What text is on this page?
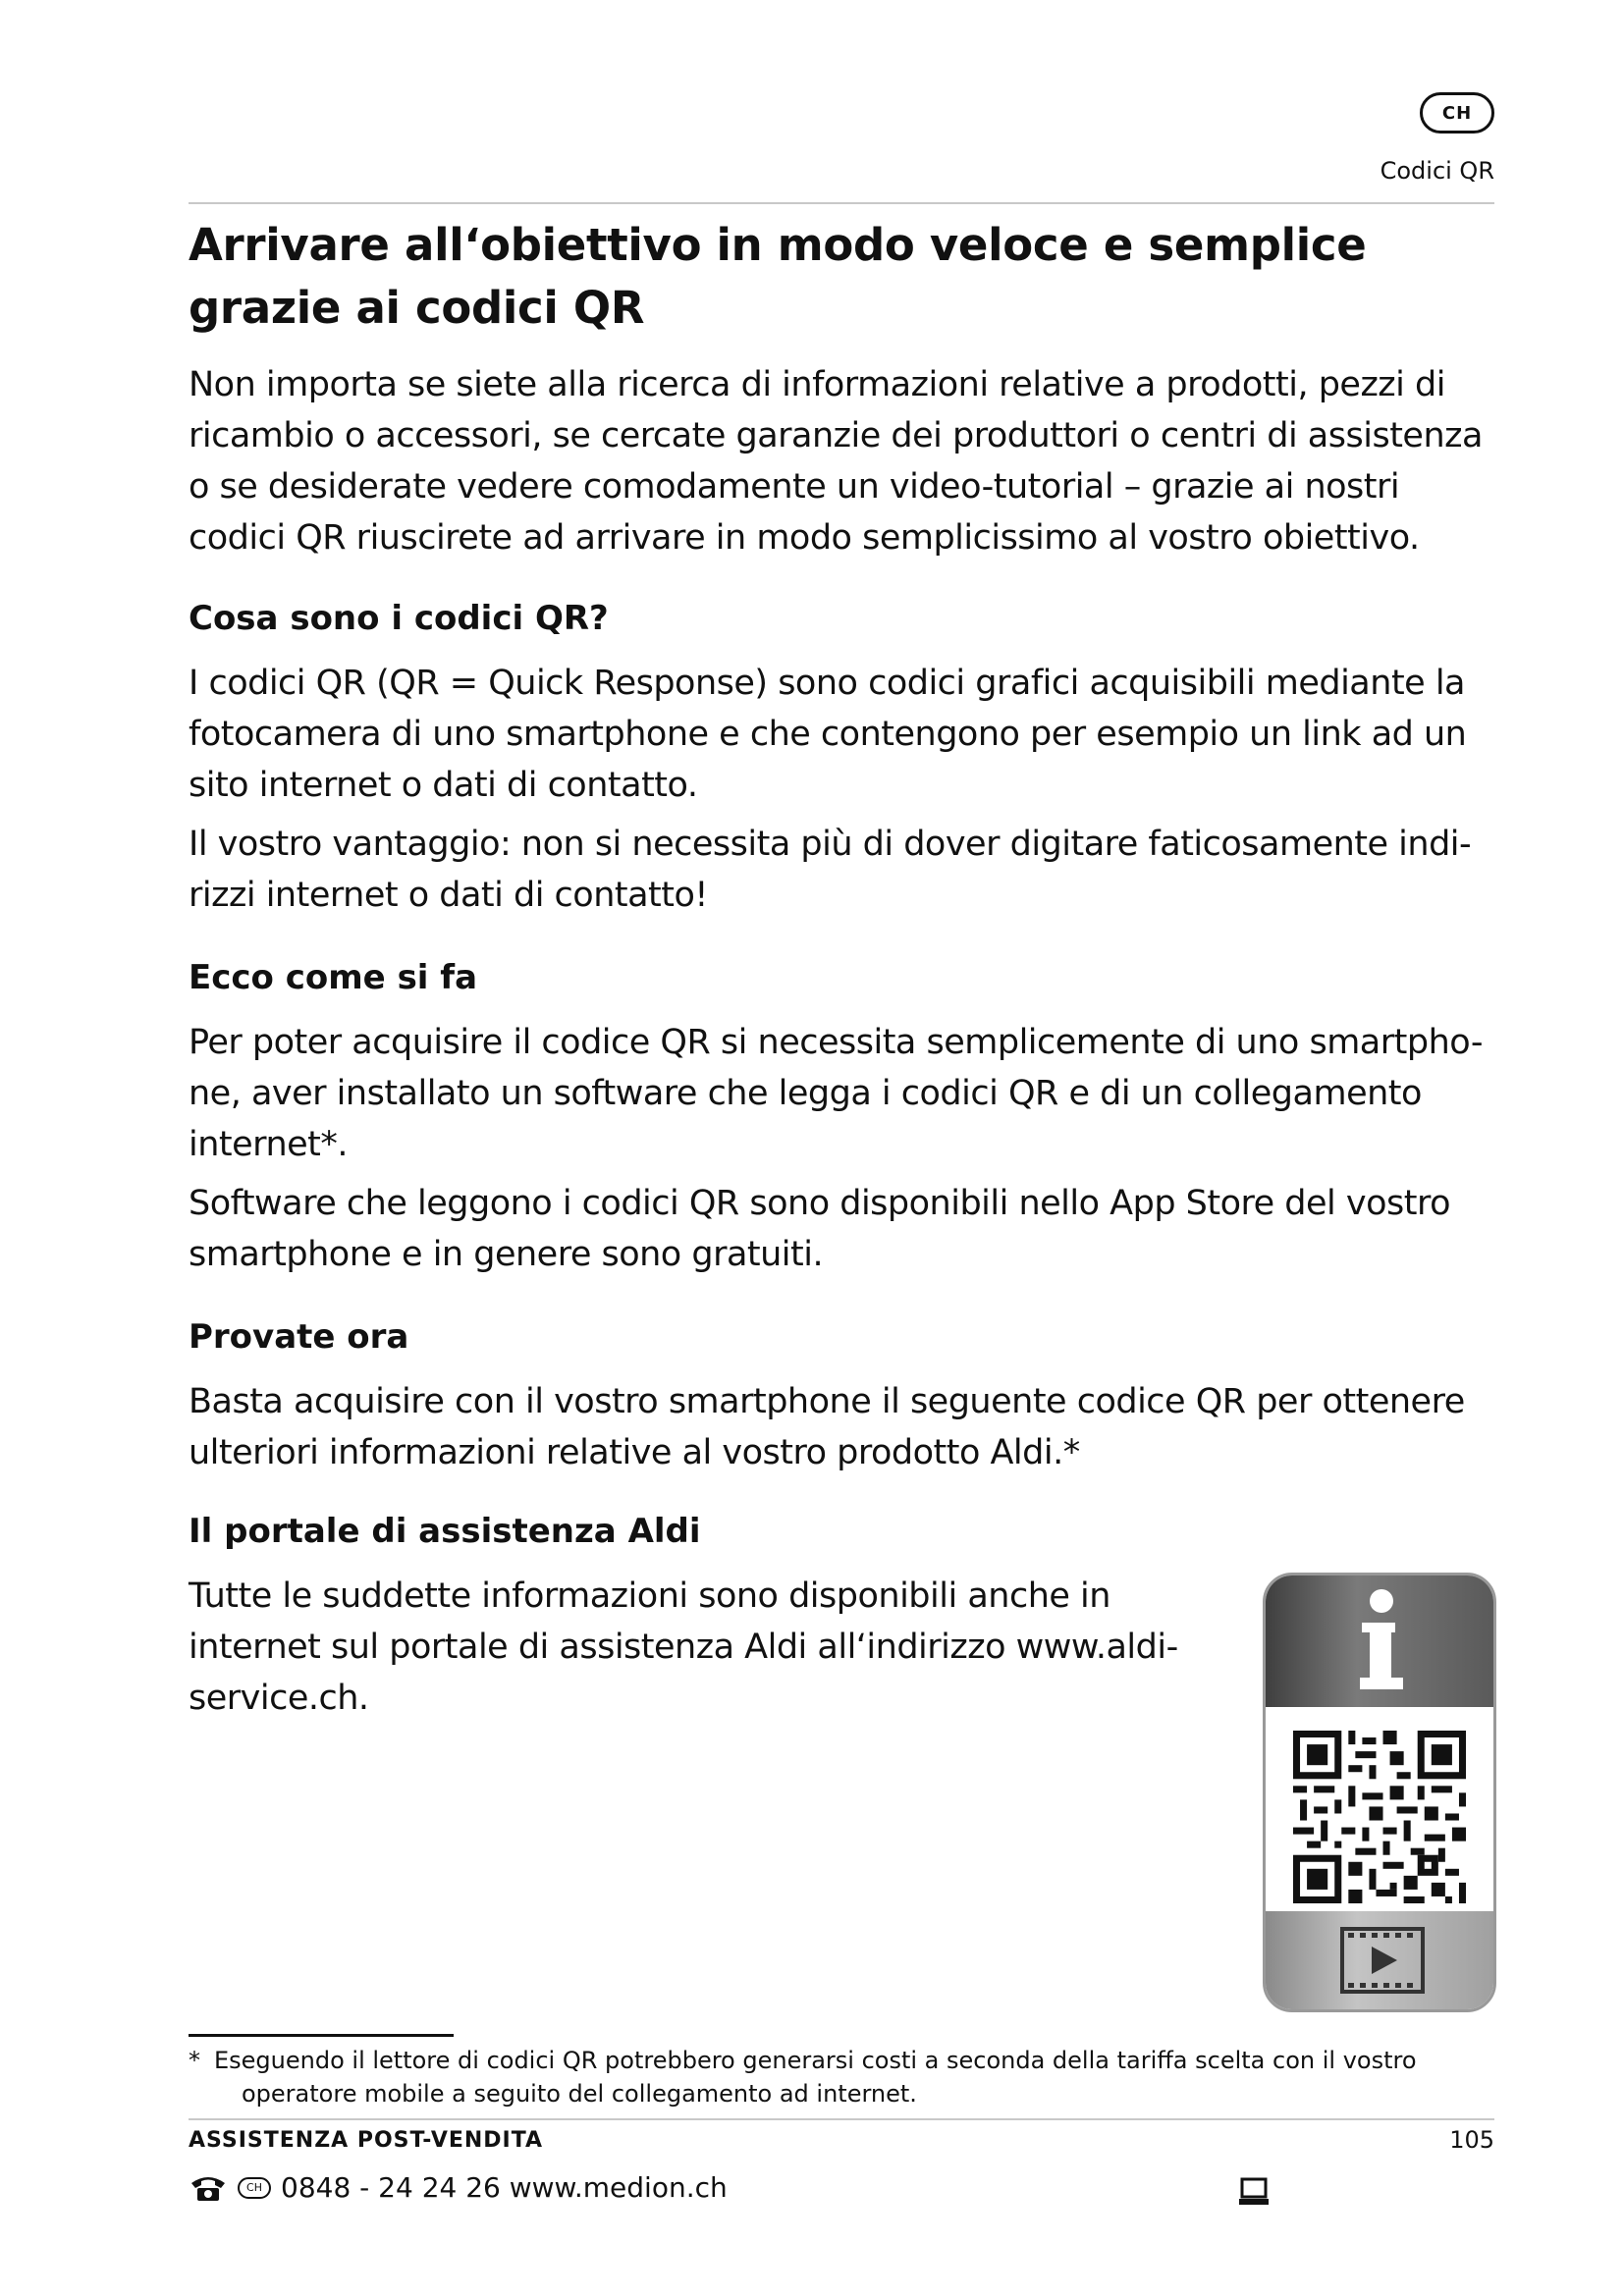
CH
Codici QR
Arrivare all‘obiettivo in modo veloce e semplice grazie ai codici QR

Non importa se siete alla ricerca di informazioni relative a prodotti, pezzi di ricambio o accessori, se cercate garanzie dei produttori o centri di assistenza o se desiderate vedere comodamente un video-tutorial – grazie ai nostri codici QR riuscirete ad arrivare in modo semplicissimo al vostro obiettivo.

Cosa sono i codici QR?

I codici QR (QR = Quick Response) sono codici grafici acquisibili mediante la fotocamera di uno smartphone e che contengono per esempio un link ad un sito internet o dati di contatto.

Il vostro vantaggio: non si necessita più di dover digitare faticosamente indi-rizzi internet o dati di contatto!

Ecco come si fa

Per poter acquisire il codice QR si necessita semplicemente di uno smartpho-ne, aver installato un software che legga i codici QR e di un collegamento internet*.

Software che leggono i codici QR sono disponibili nello App Store del vostro smartphone e in genere sono gratuiti.

Provate ora

Basta acquisire con il vostro smartphone il seguente codice QR per ottenere ulteriori informazioni relative al vostro prodotto Aldi.*

Il portale di assistenza Aldi

Tutte le suddette informazioni sono disponibili anche in internet sul portale di assistenza Aldi all‘indirizzo www.aldi-service.ch.

* Eseguendo il lettore di codici QR potrebbero generarsi costi a seconda della tariffa scelta con il vostro
operatore mobile a seguito del collegamento ad internet.
ASSISTENZA POST-VENDITA	105
CH 0848 - 24 24 26 www.medion.ch
